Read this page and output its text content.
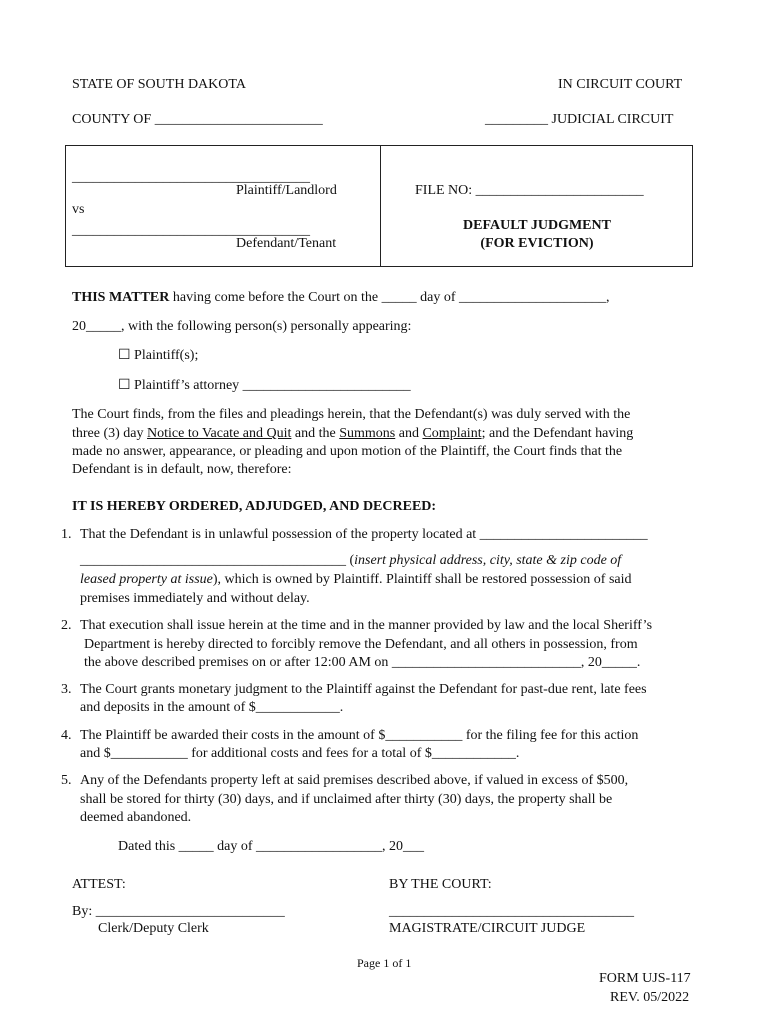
STATE OF SOUTH DAKOTA	IN CIRCUIT COURT
COUNTY OF ________________________	_________ JUDICIAL CIRCUIT
__________________________________
Plaintiff/Landlord
vs
__________________________________
Defendant/Tenant
FILE NO: ________________________
DEFAULT JUDGMENT
(FOR EVICTION)
THIS MATTER having come before the Court on the _____ day of _____________________,
20_____, with the following person(s) personally appearing:
☐ Plaintiff(s);
☐ Plaintiff’s attorney ________________________
The Court finds, from the files and pleadings herein, that the Defendant(s) was duly served with the
three (3) day Notice to Vacate and Quit and the Summons and Complaint; and the Defendant having
made no answer, appearance, or pleading and upon motion of the Plaintiff, the Court finds that the
Defendant is in default, now, therefore:
IT IS HEREBY ORDERED, ADJUDGED, AND DECREED:
1. That the Defendant is in unlawful possession of the property located at ________________________
______________________________________ (insert physical address, city, state & zip code of
leased property at issue), which is owned by Plaintiff. Plaintiff shall be restored possession of said
premises immediately and without delay.
2. That execution shall issue herein at the time and in the manner provided by law and the local Sheriff’s
Department is hereby directed to forcibly remove the Defendant, and all others in possession, from
the above described premises on or after 12:00 AM on ___________________________, 20_____.
3. The Court grants monetary judgment to the Plaintiff against the Defendant for past-due rent, late fees
and deposits in the amount of $____________.
4. The Plaintiff be awarded their costs in the amount of $___________ for the filing fee for this action
and $___________ for additional costs and fees for a total of $____________.
5. Any of the Defendants property left at said premises described above, if valued in excess of $500,
shall be stored for thirty (30) days, and if unclaimed after thirty (30) days, the property shall be
deemed abandoned.
Dated this _____ day of __________________, 20___
ATTEST:	BY THE COURT:
By: ___________________________
Clerk/Deputy Clerk
___________________________________
MAGISTRATE/CIRCUIT JUDGE
Page 1 of 1
FORM UJS-117
REV. 05/2022
